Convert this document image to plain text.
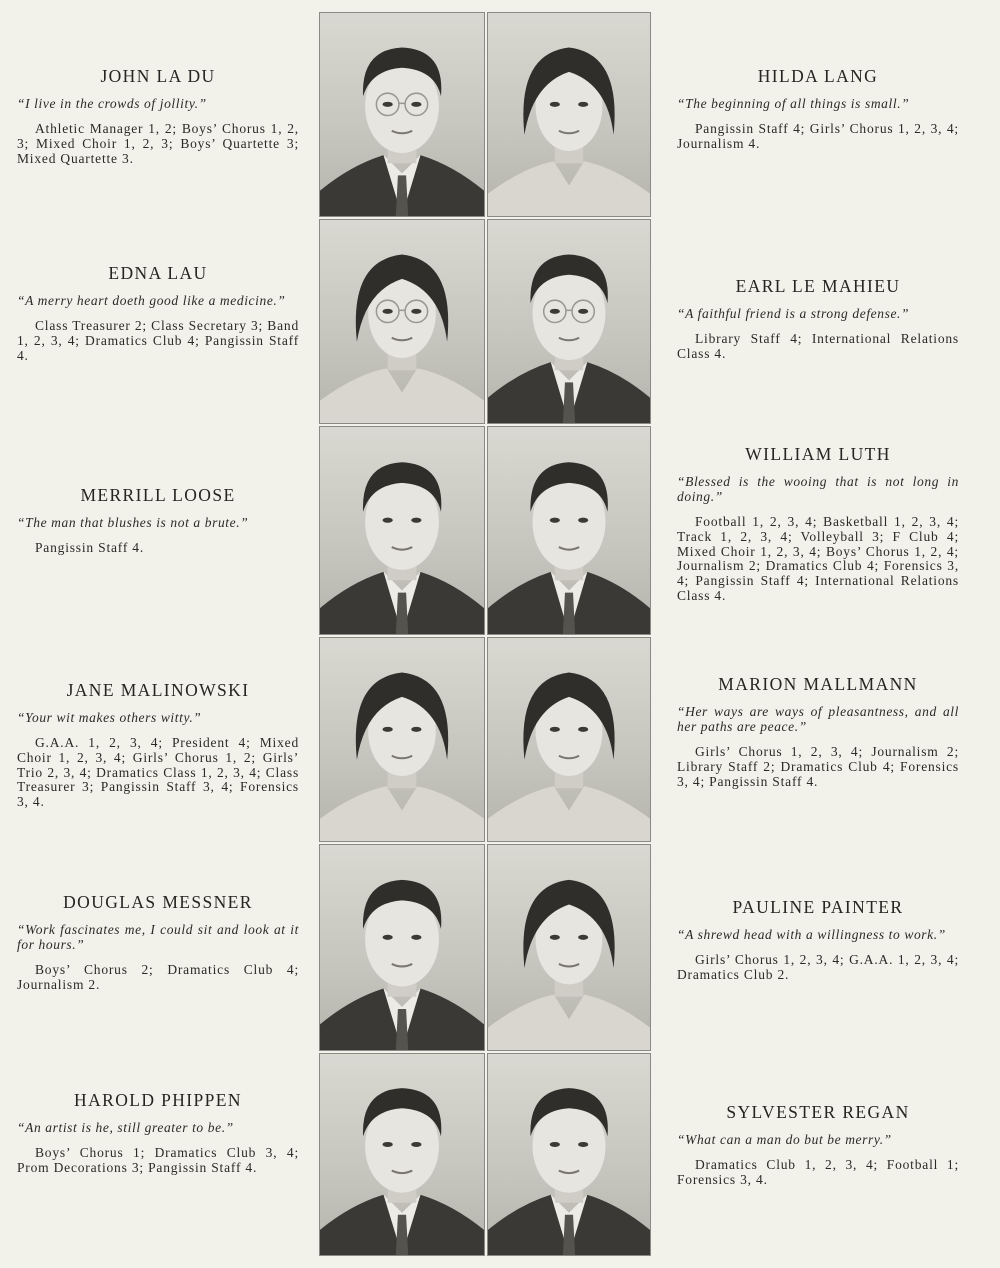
JOHN LA DU
“I live in the crowds of jollity.”
Athletic Manager 1, 2; Boys’ Chorus 1, 2, 3; Mixed Choir 1, 2, 3; Boys’ Quartette 3; Mixed Quartette 3.
HILDA LANG
“The beginning of all things is small.”
Pangissin Staff 4; Girls’ Chorus 1, 2, 3, 4; Journalism 4.
EDNA LAU
“A merry heart doeth good like a medicine.”
Class Treasurer 2; Class Secretary 3; Band 1, 2, 3, 4; Dramatics Club 4; Pangissin Staff 4.
EARL LE MAHIEU
“A faithful friend is a strong defense.”
Library Staff 4; International Relations Class 4.
MERRILL LOOSE
“The man that blushes is not a brute.”
Pangissin Staff 4.
WILLIAM LUTH
“Blessed is the wooing that is not long in doing.”
Football 1, 2, 3, 4; Basketball 1, 2, 3, 4; Track 1, 2, 3, 4; Volleyball 3; F Club 4; Mixed Choir 1, 2, 3, 4; Boys’ Chorus 1, 2, 4; Journalism 2; Dramatics Club 4; Forensics 3, 4; Pangissin Staff 4; International Relations Class 4.
JANE MALINOWSKI
“Your wit makes others witty.”
G.A.A. 1, 2, 3, 4; President 4; Mixed Choir 1, 2, 3, 4; Girls’ Chorus 1, 2; Girls’ Trio 2, 3, 4; Dramatics Class 1, 2, 3, 4; Class Treasurer 3; Pangissin Staff 3, 4; Forensics 3, 4.
MARION MALLMANN
“Her ways are ways of pleasantness, and all her paths are peace.”
Girls’ Chorus 1, 2, 3, 4; Journalism 2; Library Staff 2; Dramatics Club 4; Forensics 3, 4; Pangissin Staff 4.
DOUGLAS MESSNER
“Work fascinates me, I could sit and look at it for hours.”
Boys’ Chorus 2; Dramatics Club 4; Journalism 2.
PAULINE PAINTER
“A shrewd head with a willingness to work.”
Girls’ Chorus 1, 2, 3, 4; G.A.A. 1, 2, 3, 4; Dramatics Club 2.
HAROLD PHIPPEN
“An artist is he, still greater to be.”
Boys’ Chorus 1; Dramatics Club 3, 4; Prom Decorations 3; Pangissin Staff 4.
SYLVESTER REGAN
“What can a man do but be merry.”
Dramatics Club 1, 2, 3, 4; Football 1; Forensics 3, 4.
